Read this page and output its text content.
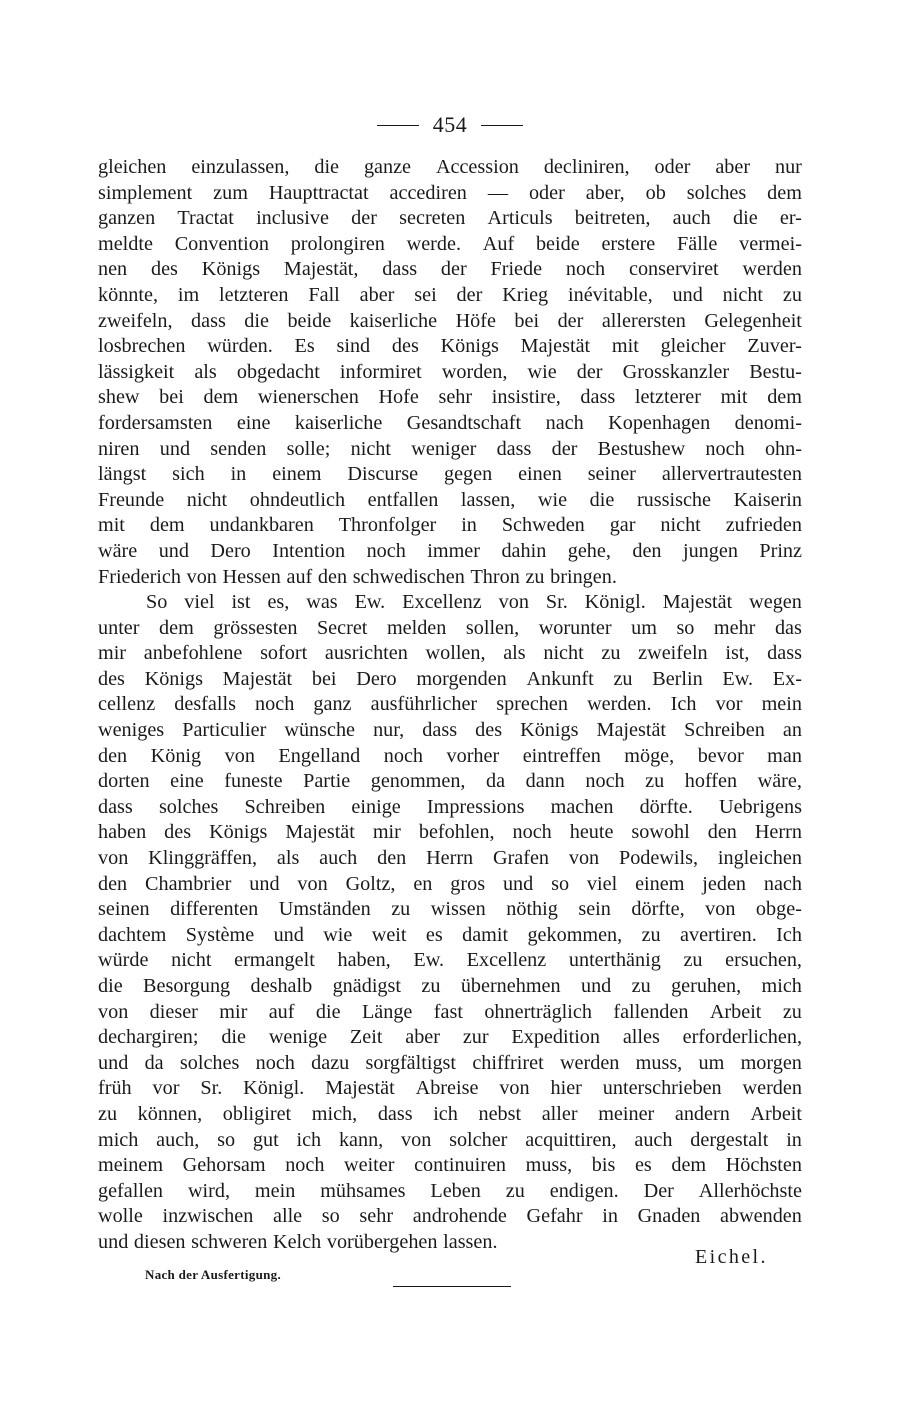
454
gleichen einzulassen, die ganze Accession decliniren, oder aber nur
simplement zum Haupttractat accediren — oder aber, ob solches dem
ganzen Tractat inclusive der secreten Articuls beitreten, auch die er-
meldte Convention prolongiren werde. Auf beide erstere Fälle vermei-
nen des Königs Majestät, dass der Friede noch conserviret werden
könnte, im letzteren Fall aber sei der Krieg inévitable, und nicht zu
zweifeln, dass die beide kaiserliche Höfe bei der allerersten Gelegenheit
losbrechen würden. Es sind des Königs Majestät mit gleicher Zuver-
lässigkeit als obgedacht informiret worden, wie der Grosskanzler Bestu-
shew bei dem wienerschen Hofe sehr insistire, dass letzterer mit dem
fordersamsten eine kaiserliche Gesandtschaft nach Kopenhagen denomi-
niren und senden solle; nicht weniger dass der Bestushew noch ohn-
längst sich in einem Discurse gegen einen seiner allervertrautesten
Freunde nicht ohndeutlich entfallen lassen, wie die russische Kaiserin
mit dem undankbaren Thronfolger in Schweden gar nicht zufrieden
wäre und Dero Intention noch immer dahin gehe, den jungen Prinz
Friederich von Hessen auf den schwedischen Thron zu bringen.
So viel ist es, was Ew. Excellenz von Sr. Königl. Majestät wegen
unter dem grössesten Secret melden sollen, worunter um so mehr das
mir anbefohlene sofort ausrichten wollen, als nicht zu zweifeln ist, dass
des Königs Majestät bei Dero morgenden Ankunft zu Berlin Ew. Ex-
cellenz desfalls noch ganz ausführlicher sprechen werden. Ich vor mein
weniges Particulier wünsche nur, dass des Königs Majestät Schreiben an
den König von Engelland noch vorher eintreffen möge, bevor man
dorten eine funeste Partie genommen, da dann noch zu hoffen wäre,
dass solches Schreiben einige Impressions machen dörfte. Uebrigens
haben des Königs Majestät mir befohlen, noch heute sowohl den Herrn
von Klinggräffen, als auch den Herrn Grafen von Podewils, ingleichen
den Chambrier und von Goltz, en gros und so viel einem jeden nach
seinen differenten Umständen zu wissen nöthig sein dörfte, von obge-
dachtem Système und wie weit es damit gekommen, zu avertiren. Ich
würde nicht ermangelt haben, Ew. Excellenz unterthänig zu ersuchen,
die Besorgung deshalb gnädigst zu übernehmen und zu geruhen, mich
von dieser mir auf die Länge fast ohnerträglich fallenden Arbeit zu
dechargiren; die wenige Zeit aber zur Expedition alles erforderlichen,
und da solches noch dazu sorgfältigst chiffriret werden muss, um morgen
früh vor Sr. Königl. Majestät Abreise von hier unterschrieben werden
zu können, obligiret mich, dass ich nebst aller meiner andern Arbeit
mich auch, so gut ich kann, von solcher acquittiren, auch dergestalt in
meinem Gehorsam noch weiter continuiren muss, bis es dem Höchsten
gefallen wird, mein mühsames Leben zu endigen. Der Allerhöchste
wolle inzwischen alle so sehr androhende Gefahr in Gnaden abwenden
und diesen schweren Kelch vorübergehen lassen.
Eichel.
Nach der Ausfertigung.
